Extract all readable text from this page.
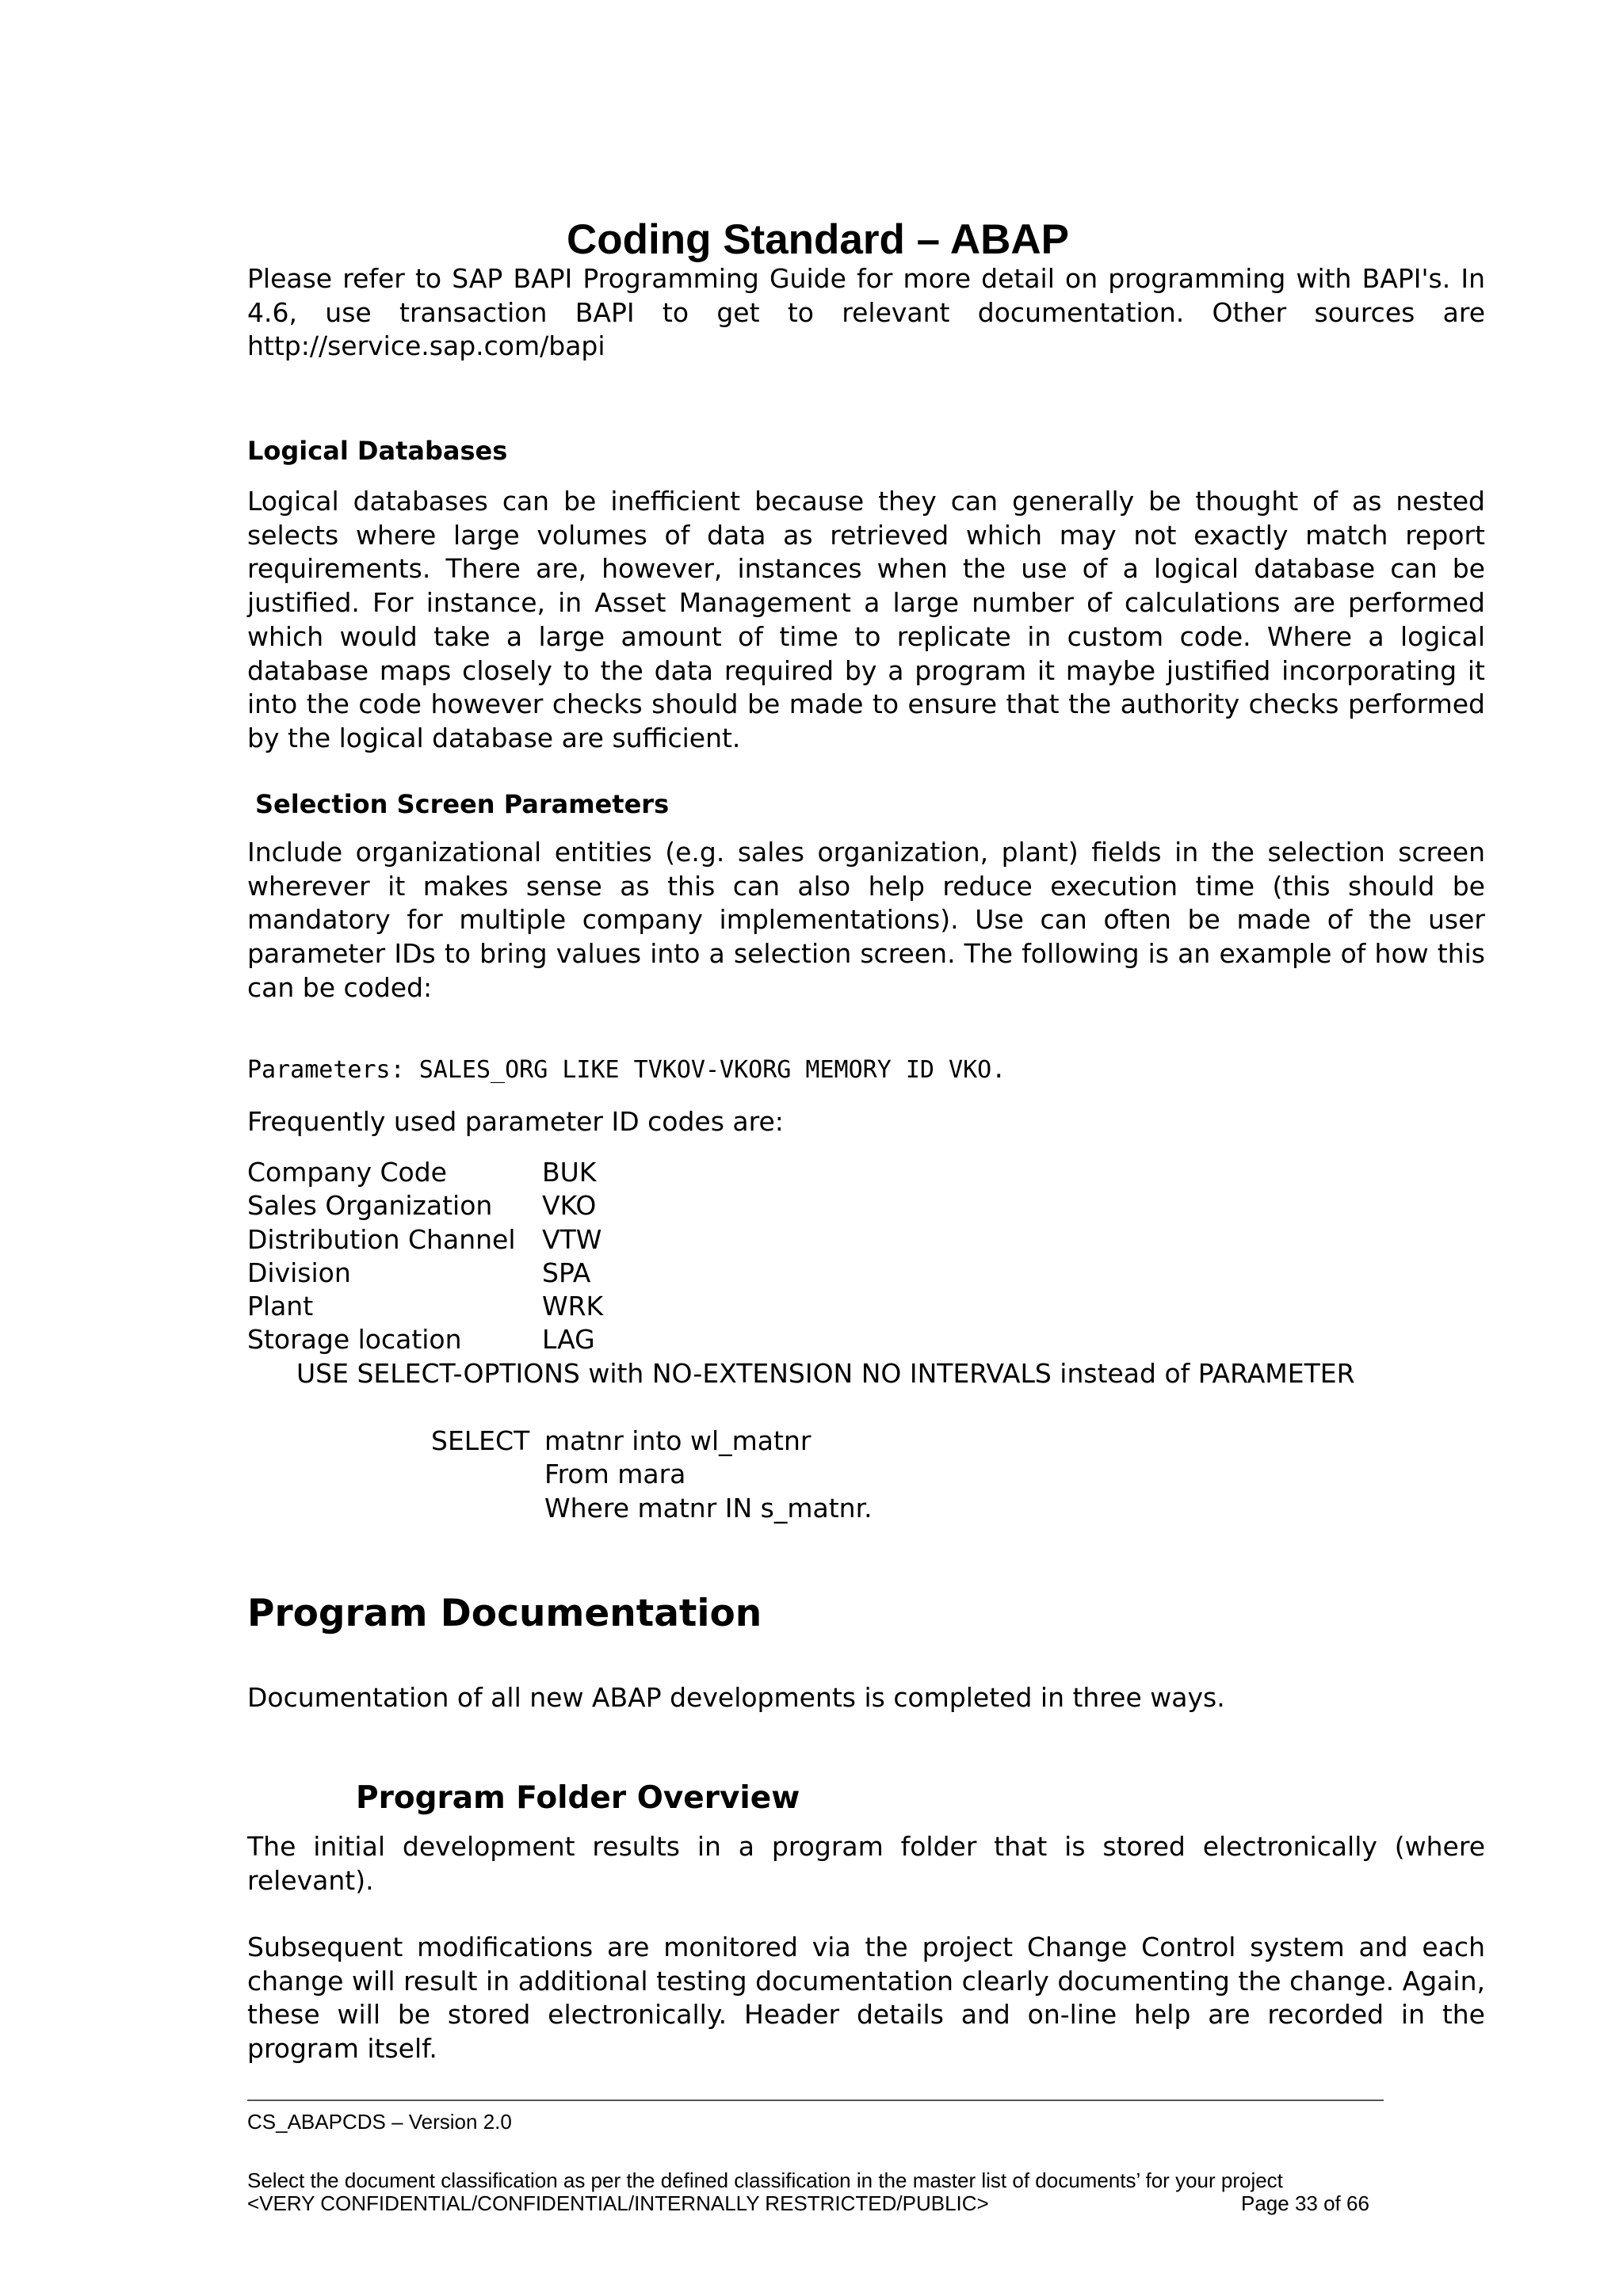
Coding Standard – ABAP

Please refer to SAP BAPI Programming Guide for more detail on programming with BAPI's. In 4.6, use transaction BAPI to get to relevant documentation. Other sources are http://service.sap.com/bapi

Logical Databases

Logical databases can be inefficient because they can generally be thought of as nested selects where large volumes of data as retrieved which may not exactly match report requirements. There are, however, instances when the use of a logical database can be justified. For instance, in Asset Management a large number of calculations are performed which would take a large amount of time to replicate in custom code. Where a logical database maps closely to the data required by a program it maybe justified incorporating it into the code however checks should be made to ensure that the authority checks performed by the logical database are sufficient.

Selection Screen Parameters

Include organizational entities (e.g. sales organization, plant) fields in the selection screen wherever it makes sense as this can also help reduce execution time (this should be mandatory for multiple company implementations). Use can often be made of the user parameter IDs to bring values into a selection screen. The following is an example of how this can be coded:

Parameters: SALES_ORG LIKE TVKOV-VKORG MEMORY ID VKO.
Frequently used parameter ID codes are:
Company Code	BUK
Sales Organization	VKO
Distribution Channel	VTW
Division	SPA
Plant	WRK
Storage location	LAG
USE SELECT-OPTIONS with NO-EXTENSION NO INTERVALS instead of PARAMETER
SELECT matnr into wl_matnr
From mara
Where matnr IN s_matnr.
Program Documentation

Documentation of all new ABAP developments is completed in three ways.

Program Folder Overview

The initial development results in a program folder that is stored electronically (where relevant).

Subsequent modifications are monitored via the project Change Control system and each change will result in additional testing documentation clearly documenting the change. Again, these will be stored electronically. Header details and on-line help are recorded in the program itself.

CS_ABAPCDS – Version 2.0
Select the document classification as per the defined classification in the master list of documents’ for your project
<VERY CONFIDENTIAL/CONFIDENTIAL/INTERNALLY RESTRICTED/PUBLIC>	Page 33 of 66
